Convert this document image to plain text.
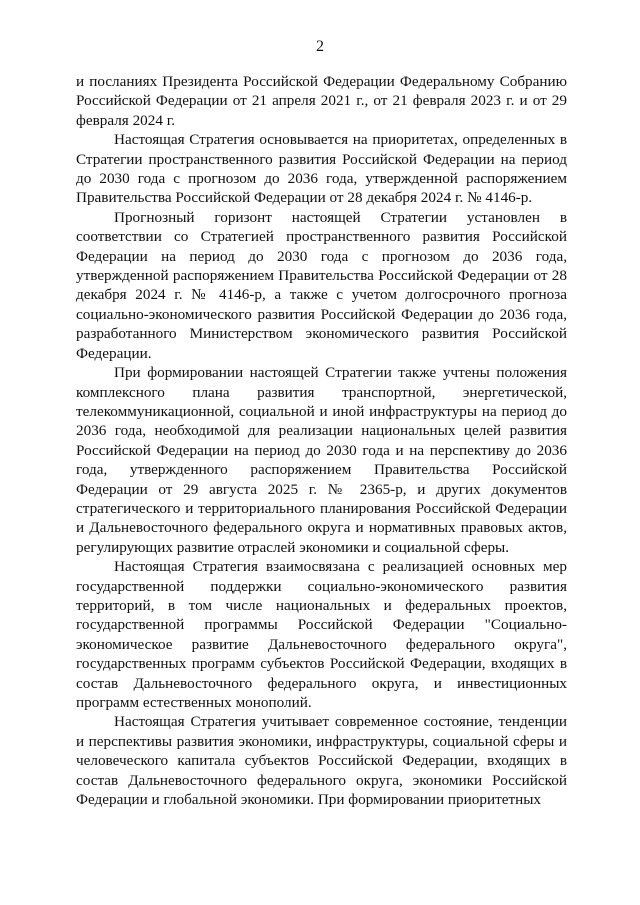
2

и посланиях Президента Российской Федерации Федеральному Собранию Российской Федерации от 21 апреля 2021 г., от 21 февраля 2023 г. и от 29 февраля 2024 г.

Настоящая Стратегия основывается на приоритетах, определенных в Стратегии пространственного развития Российской Федерации на период до 2030 года с прогнозом до 2036 года, утвержденной распоряжением Правительства Российской Федерации от 28 декабря 2024 г. № 4146-р.

Прогнозный горизонт настоящей Стратегии установлен в соответствии со Стратегией пространственного развития Российской Федерации на период до 2030 года с прогнозом до 2036 года, утвержденной распоряжением Правительства Российской Федерации от 28 декабря 2024 г. № 4146-р, а также с учетом долгосрочного прогноза социально-экономического развития Российской Федерации до 2036 года, разработанного Министерством экономического развития Российской Федерации.

При формировании настоящей Стратегии также учтены положения комплексного плана развития транспортной, энергетической, телекоммуникационной, социальной и иной инфраструктуры на период до 2036 года, необходимой для реализации национальных целей развития Российской Федерации на период до 2030 года и на перспективу до 2036 года, утвержденного распоряжением Правительства Российской Федерации от 29 августа 2025 г. № 2365-р, и других документов стратегического и территориального планирования Российской Федерации и Дальневосточного федерального округа и нормативных правовых актов, регулирующих развитие отраслей экономики и социальной сферы.

Настоящая Стратегия взаимосвязана с реализацией основных мер государственной поддержки социально-экономического развития территорий, в том числе национальных и федеральных проектов, государственной программы Российской Федерации "Социально-экономическое развитие Дальневосточного федерального округа", государственных программ субъектов Российской Федерации, входящих в состав Дальневосточного федерального округа, и инвестиционных программ естественных монополий.

Настоящая Стратегия учитывает современное состояние, тенденции и перспективы развития экономики, инфраструктуры, социальной сферы и человеческого капитала субъектов Российской Федерации, входящих в состав Дальневосточного федерального округа, экономики Российской Федерации и глобальной экономики. При формировании приоритетных
